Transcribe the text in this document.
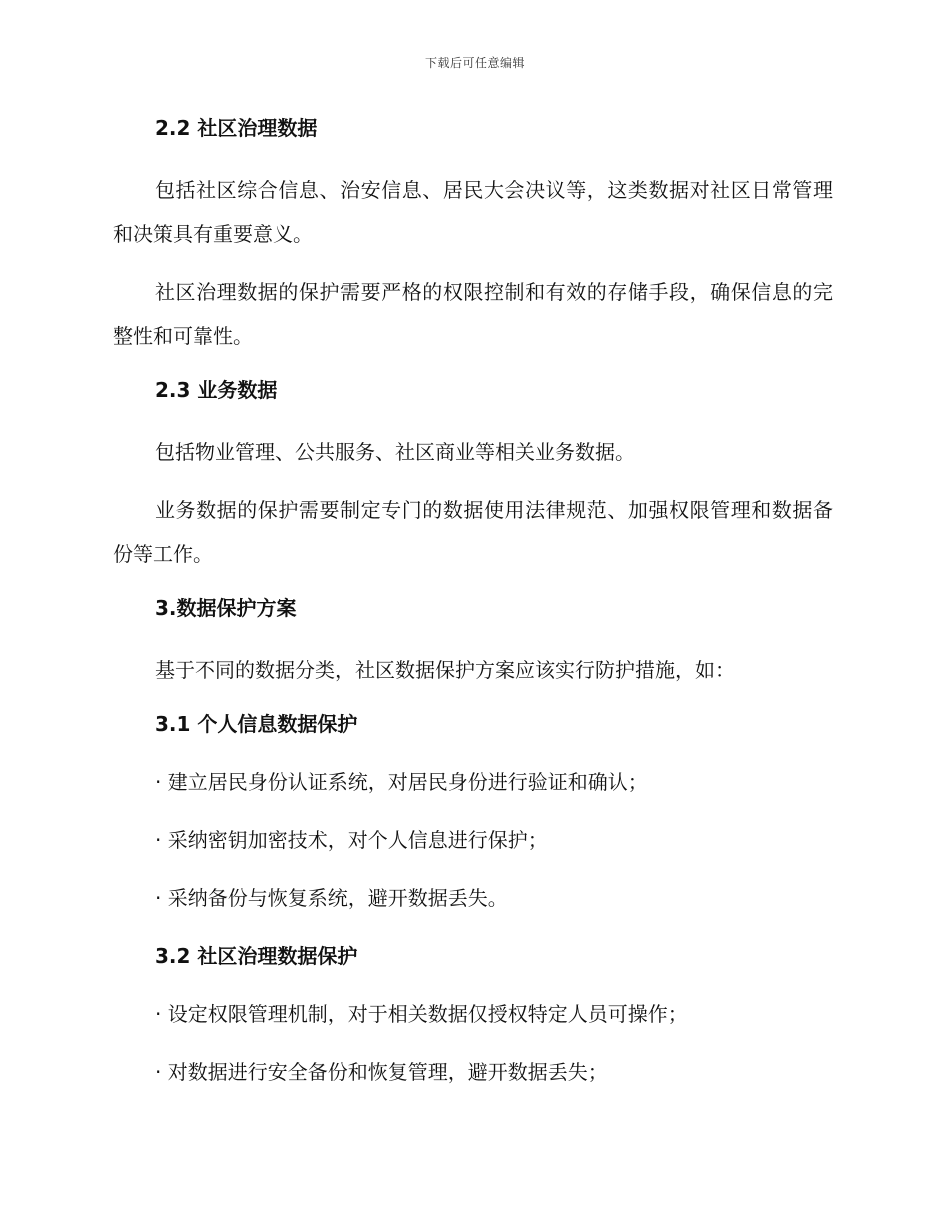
下载后可任意编辑
2.2 社区治理数据

包括社区综合信息、治安信息、居民大会决议等，这类数据对社区日常管理和决策具有重要意义。

社区治理数据的保护需要严格的权限控制和有效的存储手段，确保信息的完整性和可靠性。

2.3 业务数据

包括物业管理、公共服务、社区商业等相关业务数据。

业务数据的保护需要制定专门的数据使用法律规范、加强权限管理和数据备份等工作。

3.数据保护方案

基于不同的数据分类，社区数据保护方案应该实行防护措施，如：

3.1 个人信息数据保护

· 建立居民身份认证系统，对居民身份进行验证和确认；

· 采纳密钥加密技术，对个人信息进行保护；

· 采纳备份与恢复系统，避开数据丢失。

3.2 社区治理数据保护

· 设定权限管理机制，对于相关数据仅授权特定人员可操作；

· 对数据进行安全备份和恢复管理，避开数据丢失；
